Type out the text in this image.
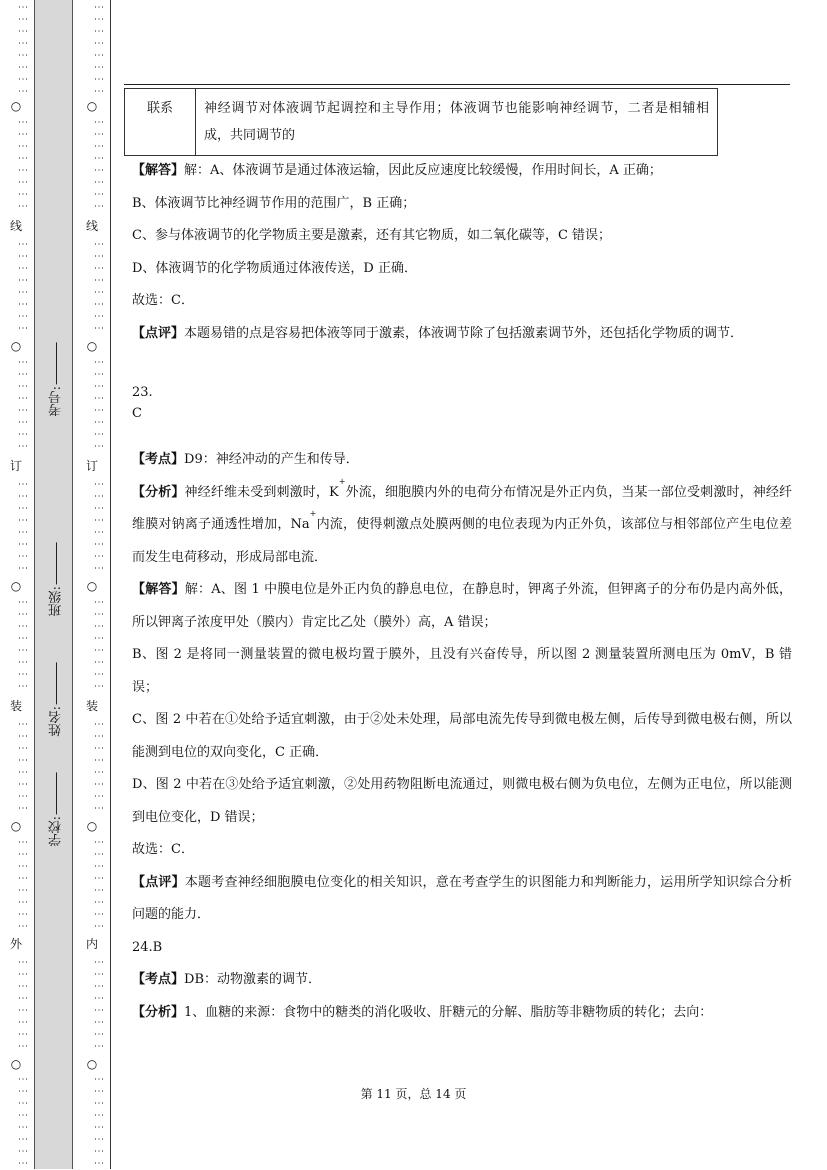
⋮⋮⋮⋮⋮⋮⋮⋮
○
⋮⋮⋮⋮⋮⋮⋮⋮
线
⋮⋮⋮⋮⋮⋮⋮⋮
○
⋮⋮⋮⋮⋮⋮⋮⋮
订
⋮⋮⋮⋮⋮⋮⋮⋮
○
⋮⋮⋮⋮⋮⋮⋮⋮
装
⋮⋮⋮⋮⋮⋮⋮⋮
○
⋮⋮⋮⋮⋮⋮⋮⋮
外
⋮⋮⋮⋮⋮⋮⋮⋮
○
⋮⋮⋮⋮⋮⋮⋮⋮
⋮⋮⋮⋮⋮⋮⋮⋮
○
⋮⋮⋮⋮⋮⋮⋮⋮
线
⋮⋮⋮⋮⋮⋮⋮⋮
○
⋮⋮⋮⋮⋮⋮⋮⋮
订
⋮⋮⋮⋮⋮⋮⋮⋮
○
⋮⋮⋮⋮⋮⋮⋮⋮
装
⋮⋮⋮⋮⋮⋮⋮⋮
○
⋮⋮⋮⋮⋮⋮⋮⋮
内
⋮⋮⋮⋮⋮⋮⋮⋮
○
⋮⋮⋮⋮⋮⋮⋮⋮
考号:
班级:
姓名:
学校:
联系	神经调节对体液调节起调控和主导作用；体液调节也能影响神经调节，二者是相辅相成，共同调节的

【解答】解：A、体液调节是通过体液运输，因此反应速度比较缓慢，作用时间长，A 正确；

B、体液调节比神经调节作用的范围广，B 正确；

C、参与体液调节的化学物质主要是激素，还有其它物质，如二氧化碳等，C 错误；

D、体液调节的化学物质通过体液传送，D 正确．

故选：C．

【点评】本题易错的点是容易把体液等同于激素，体液调节除了包括激素调节外，还包括化学物质的调节．

23.

C

【考点】D9：神经冲动的产生和传导．

【分析】神经纤维未受到刺激时，K+外流，细胞膜内外的电荷分布情况是外正内负，当某一部位受刺激时，神经纤维膜对钠离子通透性增加，Na+内流，使得刺激点处膜两侧的电位表现为内正外负，该部位与相邻部位产生电位差而发生电荷移动，形成局部电流．

【解答】解：A、图 1 中膜电位是外正内负的静息电位，在静息时，钾离子外流，但钾离子的分布仍是内高外低，所以钾离子浓度甲处（膜内）肯定比乙处（膜外）高，A 错误；

B、图 2 是将同一测量装置的微电极均置于膜外，且没有兴奋传导，所以图 2 测量装置所测电压为 0mV，B 错误；

C、图 2 中若在①处给予适宜刺激，由于②处未处理，局部电流先传导到微电极左侧，后传导到微电极右侧，所以能测到电位的双向变化，C 正确．

D、图 2 中若在③处给予适宜刺激，②处用药物阻断电流通过，则微电极右侧为负电位，左侧为正电位，所以能测到电位变化，D 错误；

故选：C．

【点评】本题考查神经细胞膜电位变化的相关知识，意在考查学生的识图能力和判断能力，运用所学知识综合分析问题的能力．

24.B

【考点】DB：动物激素的调节．

【分析】1、血糖的来源：食物中的糖类的消化吸收、肝糖元的分解、脂肪等非糖物质的转化；去向：

第 11 页，总 14 页
